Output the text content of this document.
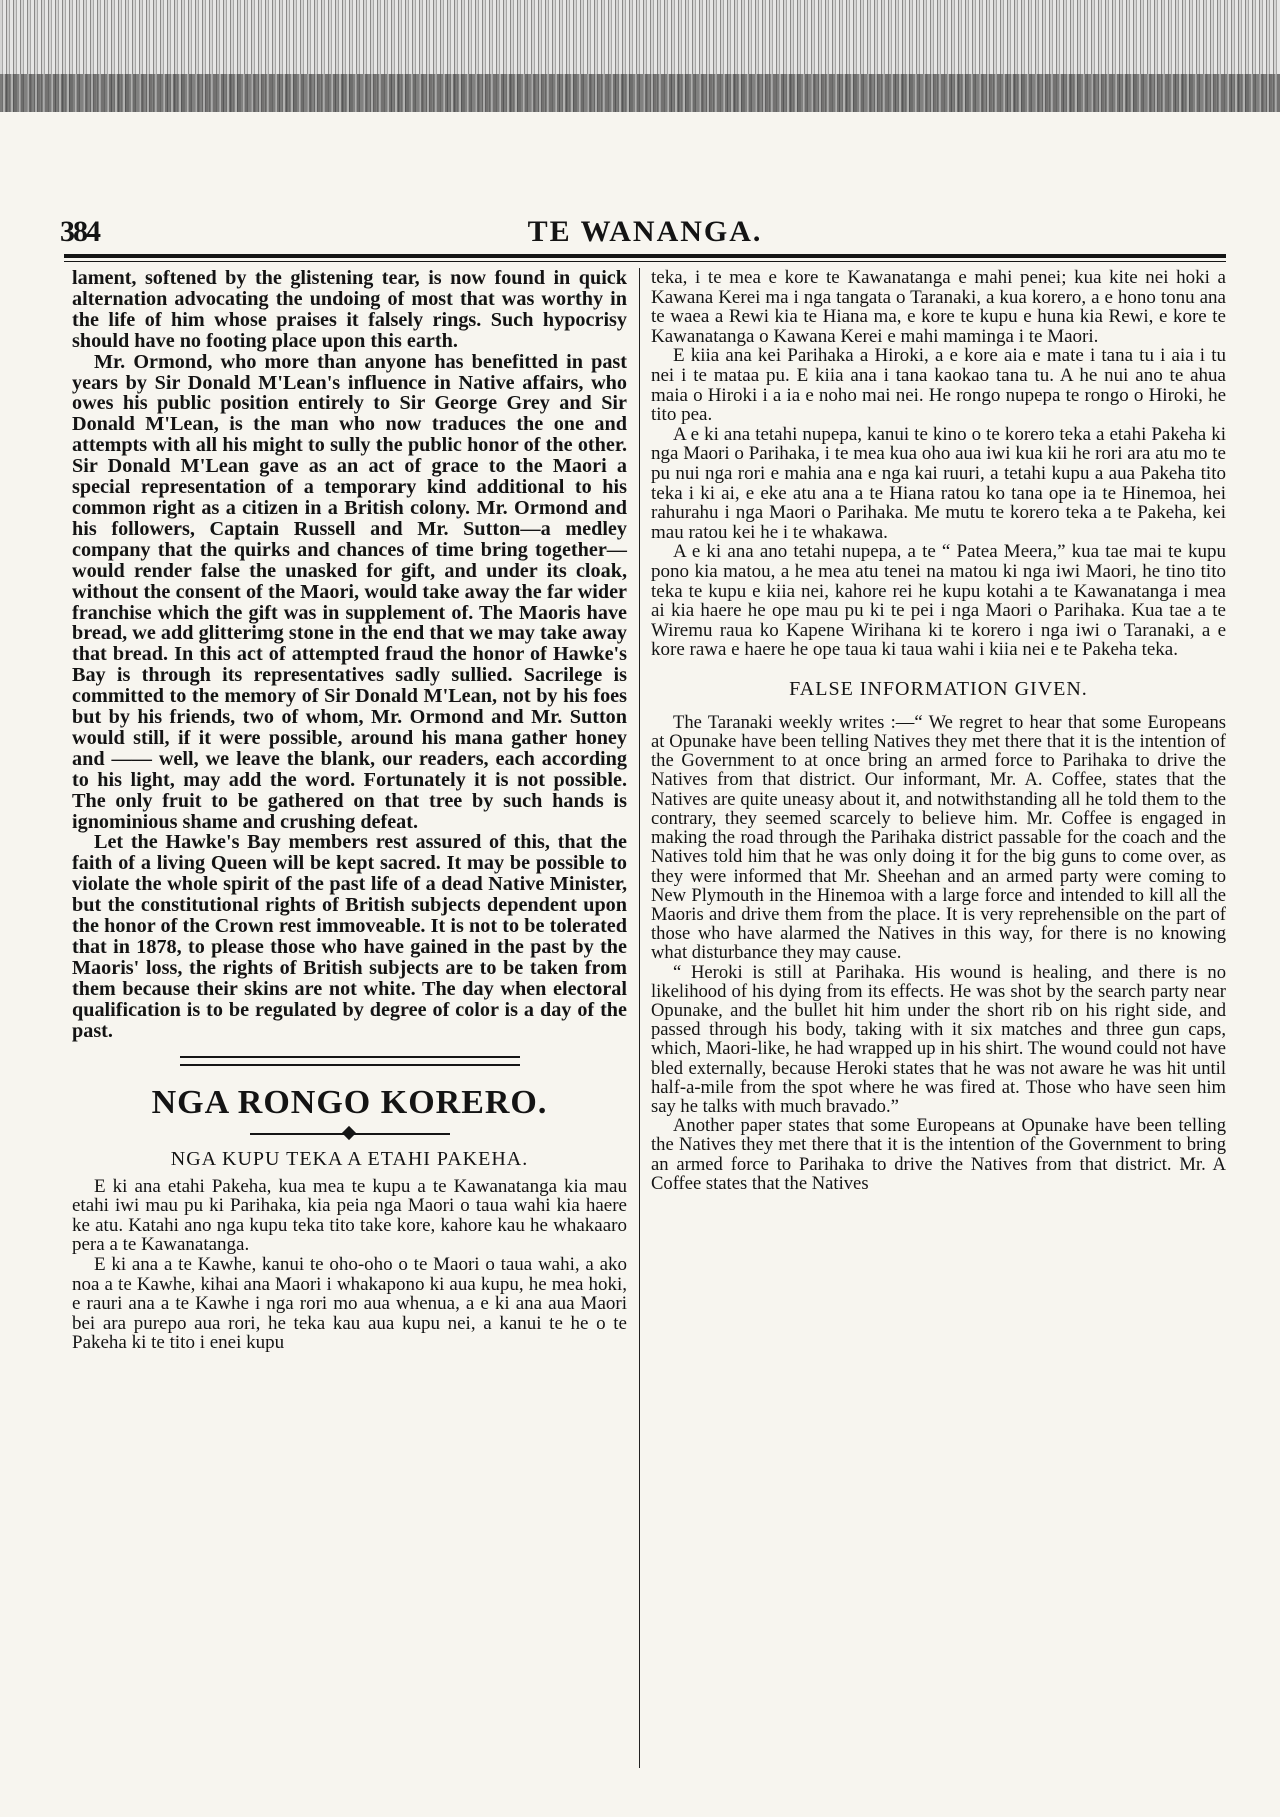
384	TE WANANGA.

lament, softened by the glistening tear, is now found in quick alternation advocating the undoing of most that was worthy in the life of him whose praises it falsely rings. Such hypocrisy should have no footing place upon this earth.

Mr. Ormond, who more than anyone has benefitted in past years by Sir Donald M'Lean's influence in Native affairs, who owes his public position entirely to Sir George Grey and Sir Donald M'Lean, is the man who now traduces the one and attempts with all his might to sully the public honor of the other. Sir Donald M'Lean gave as an act of grace to the Maori a special representation of a temporary kind additional to his common right as a citizen in a British colony. Mr. Ormond and his followers, Captain Russell and Mr. Sutton—a medley company that the quirks and chances of time bring together—would render false the unasked for gift, and under its cloak, without the consent of the Maori, would take away the far wider franchise which the gift was in supplement of. The Maoris have bread, we add glitterimg stone in the end that we may take away that bread. In this act of attempted fraud the honor of Hawke's Bay is through its representatives sadly sullied. Sacrilege is committed to the memory of Sir Donald M'Lean, not by his foes but by his friends, two of whom, Mr. Ormond and Mr. Sutton would still, if it were possible, around his mana gather honey and —— well, we leave the blank, our readers, each according to his light, may add the word. Fortunately it is not possible. The only fruit to be gathered on that tree by such hands is ignominious shame and crushing defeat.

Let the Hawke's Bay members rest assured of this, that the faith of a living Queen will be kept sacred. It may be possible to violate the whole spirit of the past life of a dead Native Minister, but the constitutional rights of British subjects dependent upon the honor of the Crown rest immoveable. It is not to be tolerated that in 1878, to please those who have gained in the past by the Maoris' loss, the rights of British subjects are to be taken from them because their skins are not white. The day when electoral qualification is to be regulated by degree of color is a day of the past.

NGA RONGO KORERO.
NGA KUPU TEKA A ETAHI PAKEHA.

E ki ana etahi Pakeha, kua mea te kupu a te Kawanatanga kia mau etahi iwi mau pu ki Parihaka, kia peia nga Maori o taua wahi kia haere ke atu. Katahi ano nga kupu teka tito take kore, kahore kau he whakaaro pera a te Kawanatanga.

E ki ana a te Kawhe, kanui te oho-oho o te Maori o taua wahi, a ako noa a te Kawhe, kihai ana Maori i whakapono ki aua kupu, he mea hoki, e rauri ana a te Kawhe i nga rori mo aua whenua, a e ki ana aua Maori bei ara purepo aua rori, he teka kau aua kupu nei, a kanui te he o te Pakeha ki te tito i enei kupu

teka, i te mea e kore te Kawanatanga e mahi penei; kua kite nei hoki a Kawana Kerei ma i nga tangata o Taranaki, a kua korero, a e hono tonu ana te waea a Rewi kia te Hiana ma, e kore te kupu e huna kia Rewi, e kore te Kawanatanga o Kawana Kerei e mahi maminga i te Maori.

E kiia ana kei Parihaka a Hiroki, a e kore aia e mate i tana tu i aia i tu nei i te mataa pu. E kiia ana i tana kaokao tana tu. A he nui ano te ahua maia o Hiroki i a ia e noho mai nei. He rongo nupepa te rongo o Hiroki, he tito pea.

A e ki ana tetahi nupepa, kanui te kino o te korero teka a etahi Pakeha ki nga Maori o Parihaka, i te mea kua oho aua iwi kua kii he rori ara atu mo te pu nui nga rori e mahia ana e nga kai ruuri, a tetahi kupu a aua Pakeha tito teka i ki ai, e eke atu ana a te Hiana ratou ko tana ope ia te Hinemoa, hei rahurahu i nga Maori o Parihaka. Me mutu te korero teka a te Pakeha, kei mau ratou kei he i te whakawa.

A e ki ana ano tetahi nupepa, a te “ Patea Meera,” kua tae mai te kupu pono kia matou, a he mea atu tenei na matou ki nga iwi Maori, he tino tito teka te kupu e kiia nei, kahore rei he kupu kotahi a te Kawanatanga i mea ai kia haere he ope mau pu ki te pei i nga Maori o Parihaka. Kua tae a te Wiremu raua ko Kapene Wirihana ki te korero i nga iwi o Taranaki, a e kore rawa e haere he ope taua ki taua wahi i kiia nei e te Pakeha teka.

FALSE INFORMATION GIVEN.

The Taranaki weekly writes :—“ We regret to hear that some Europeans at Opunake have been telling Natives they met there that it is the intention of the Government to at once bring an armed force to Parihaka to drive the Natives from that district. Our informant, Mr. A. Coffee, states that the Natives are quite uneasy about it, and notwithstanding all he told them to the contrary, they seemed scarcely to believe him. Mr. Coffee is engaged in making the road through the Parihaka district passable for the coach and the Natives told him that he was only doing it for the big guns to come over, as they were informed that Mr. Sheehan and an armed party were coming to New Plymouth in the Hinemoa with a large force and intended to kill all the Maoris and drive them from the place. It is very reprehensible on the part of those who have alarmed the Natives in this way, for there is no knowing what disturbance they may cause.

“ Heroki is still at Parihaka. His wound is healing, and there is no likelihood of his dying from its effects. He was shot by the search party near Opunake, and the bullet hit him under the short rib on his right side, and passed through his body, taking with it six matches and three gun caps, which, Maori-like, he had wrapped up in his shirt. The wound could not have bled externally, because Heroki states that he was not aware he was hit until half-a-mile from the spot where he was fired at. Those who have seen him say he talks with much bravado.”

Another paper states that some Europeans at Opunake have been telling the Natives they met there that it is the intention of the Government to bring an armed force to Parihaka to drive the Natives from that district. Mr. A Coffee states that the Natives
